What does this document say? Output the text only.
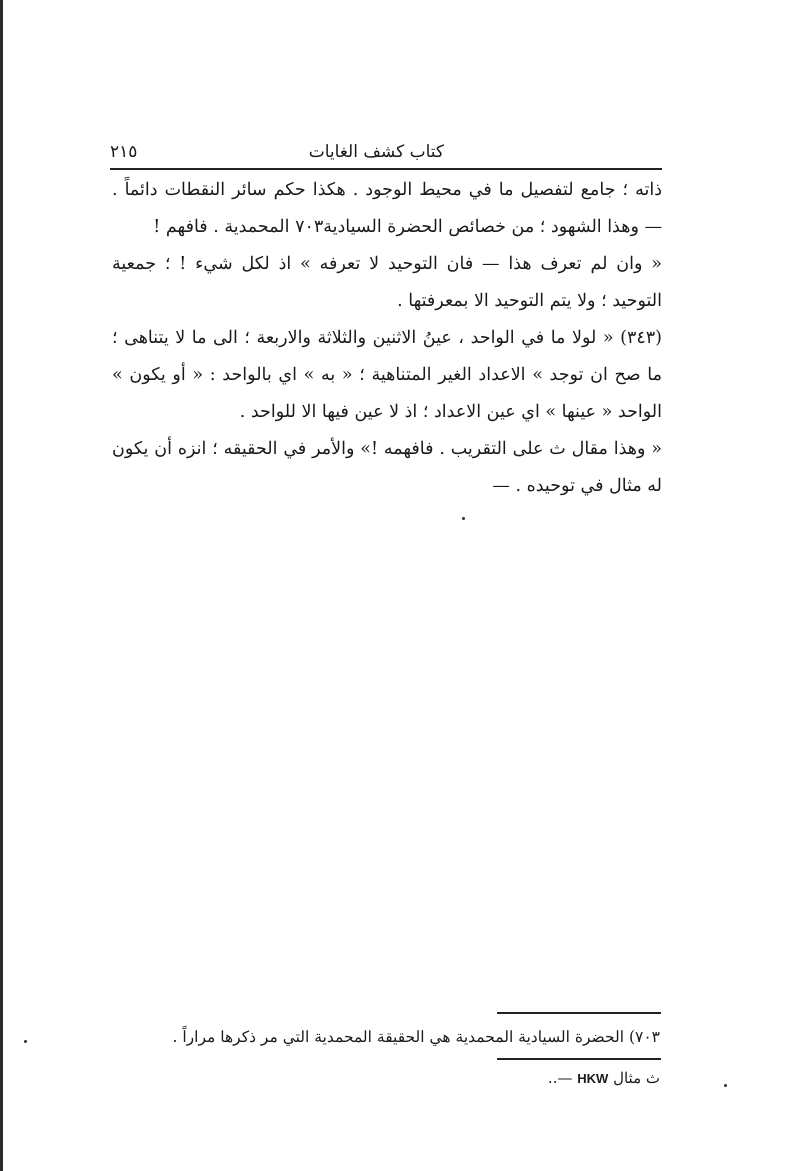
كتاب كشف الغايات
٢١٥

ذاته ؛ جامع لتفصيل ما في محيط الوجود . هكذا حكم سائر النقطات دائماً . — وهذا الشهود ؛ من خصائص الحضرة السيادية٧٠٣ المحمدية . فافهم !

« وان لم تعرف هذا — فان التوحيد لا تعرفه » اذ لكل شيء ! ؛ جمعية التوحيد ؛ ولا يتم التوحيد الا بمعرفتها .

(٣٤٣) « لولا ما في الواحد ، عينُ الاثنين والثلاثة والاربعة ؛ الى ما لا يتناهى ؛ ما صح ان توجد » الاعداد الغير المتناهية ؛ « به » اي بالواحد : « أو يكون » الواحد « عينها » اي عين الاعداد ؛ اذ لا عين فيها الا للواحد .

« وهذا مقال ث على التقريب . فافهمه !» والأمر في الحقيقه ؛ انزه أن يكون له مثال في توحيده . —

٧٠٣) الحضرة السيادية المحمدية هي الحقيقة المحمدية التي مر ذكرها مراراً .
ث مثال HKW —..
